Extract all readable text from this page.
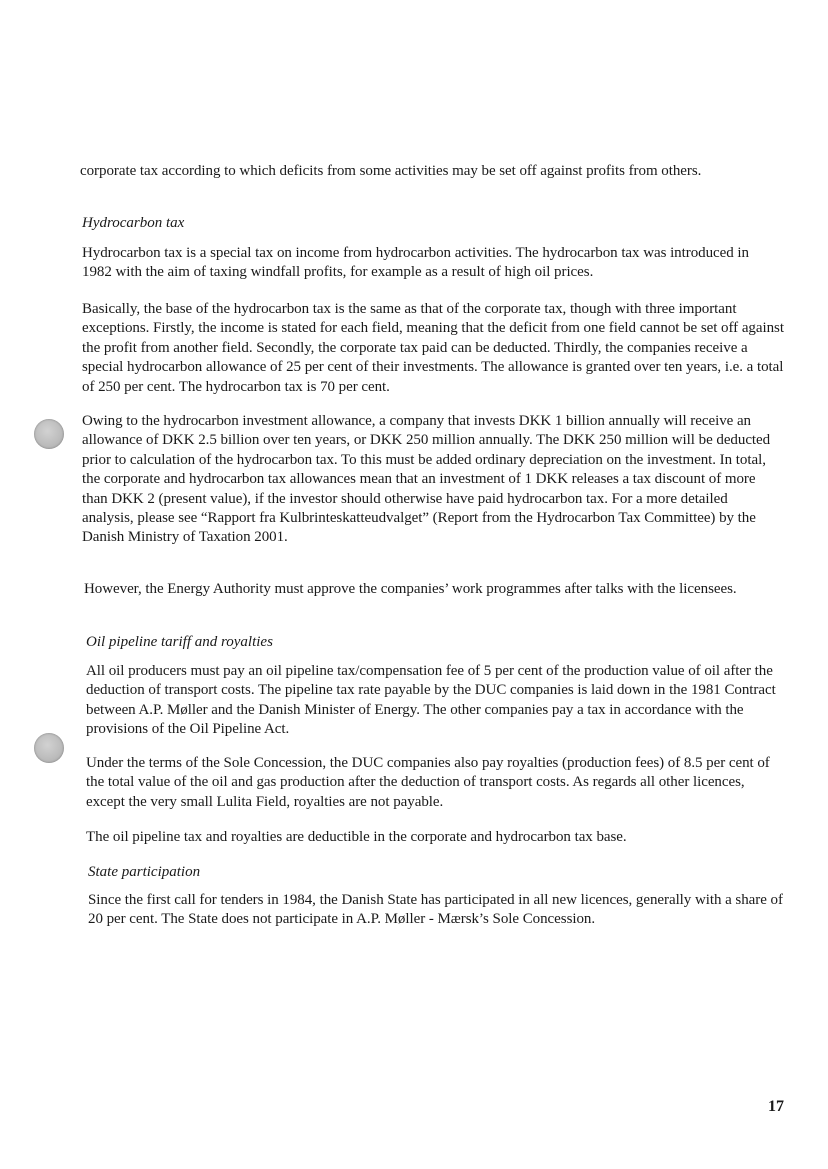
corporate tax according to which deficits from some activities may be set off against profits from others.

Hydrocarbon tax

Hydrocarbon tax is a special tax on income from hydrocarbon activities. The hydrocarbon tax was introduced in 1982 with the aim of taxing windfall profits, for example as a result of high oil prices.

Basically, the base of the hydrocarbon tax is the same as that of the corporate tax, though with three important exceptions. Firstly, the income is stated for each field, meaning that the deficit from one field cannot be set off against the profit from another field. Secondly, the corporate tax paid can be deducted. Thirdly, the companies receive a special hydrocarbon allowance of 25 per cent of their investments. The allowance is granted over ten years, i.e. a total of 250 per cent. The hydrocarbon tax is 70 per cent.

Owing to the hydrocarbon investment allowance, a company that invests DKK 1 billion annually will receive an allowance of DKK 2.5 billion over ten years, or DKK 250 million annually. The DKK 250 million will be deducted prior to calculation of the hydrocarbon tax. To this must be added ordinary depreciation on the investment. In total, the corporate and hydrocarbon tax allowances mean that an investment of 1 DKK releases a tax discount of more than DKK 2 (present value), if the investor should otherwise have paid hydrocarbon tax. For a more detailed analysis, please see “Rapport fra Kulbrinteskatteudvalget” (Report from the Hydrocarbon Tax Committee) by the Danish Ministry of Taxation 2001.

However, the Energy Authority must approve the companies’ work programmes after talks with the licensees.

Oil pipeline tariff and royalties

All oil producers must pay an oil pipeline tax/compensation fee of 5 per cent of the production value of oil after the deduction of transport costs. The pipeline tax rate payable by the DUC companies is laid down in the 1981 Contract between A.P. Møller and the Danish Minister of Energy. The other companies pay a tax in accordance with the provisions of the Oil Pipeline Act.

Under the terms of the Sole Concession, the DUC companies also pay royalties (production fees) of 8.5 per cent of the total value of the oil and gas production after the deduction of transport costs. As regards all other licences, except the very small Lulita Field, royalties are not payable.

The oil pipeline tax and royalties are deductible in the corporate and hydrocarbon tax base.

State participation

Since the first call for tenders in 1984, the Danish State has participated in all new licences, generally with a share of 20 per cent. The State does not participate in A.P. Møller - Mærsk’s Sole Concession.

17
